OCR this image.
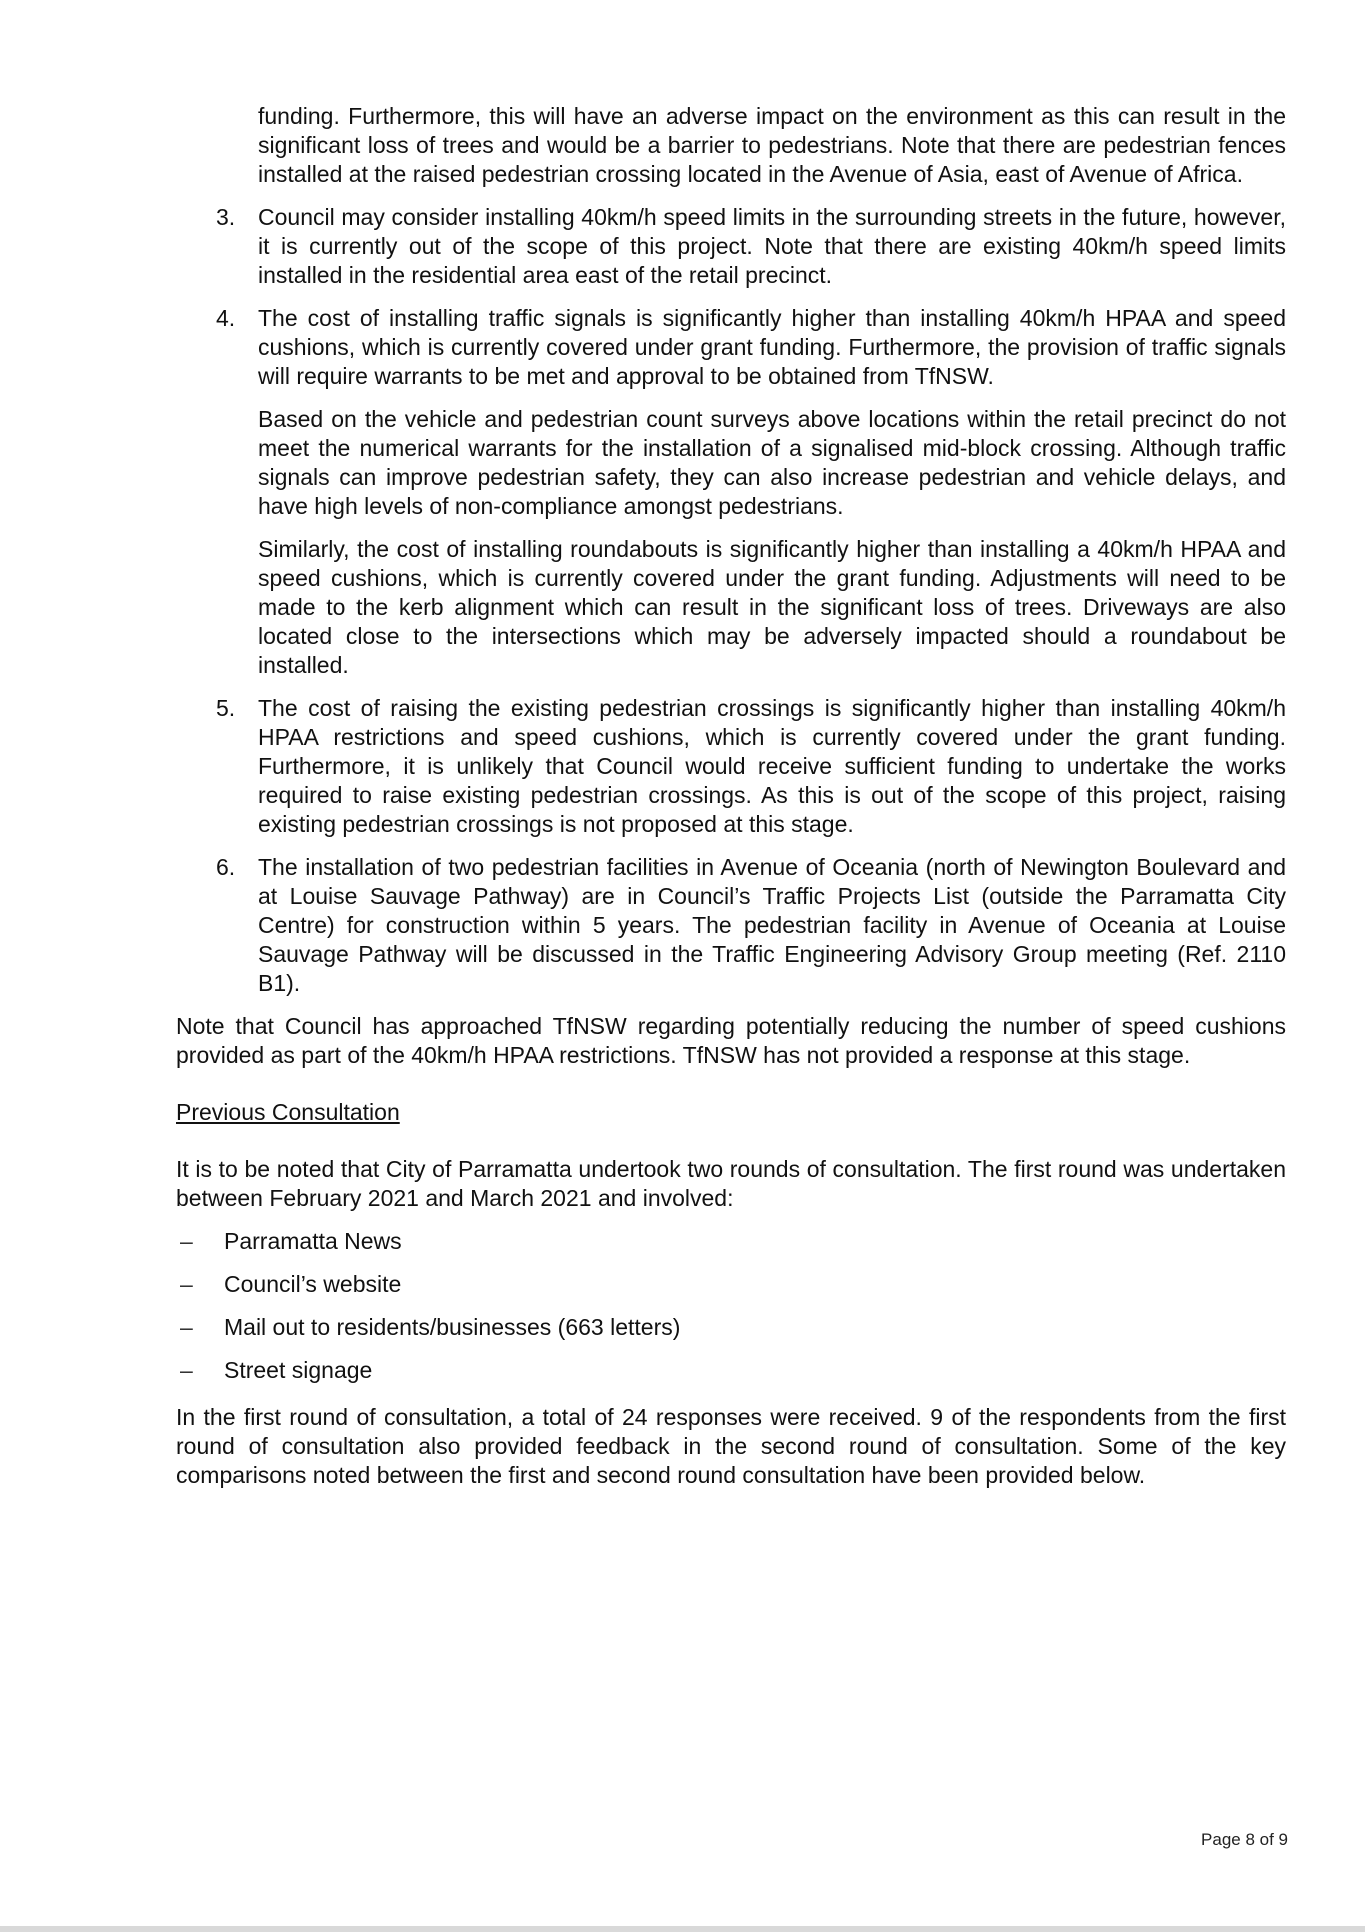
funding. Furthermore, this will have an adverse impact on the environment as this can result in the significant loss of trees and would be a barrier to pedestrians. Note that there are pedestrian fences installed at the raised pedestrian crossing located in the Avenue of Asia, east of Avenue of Africa.

3. Council may consider installing 40km/h speed limits in the surrounding streets in the future, however, it is currently out of the scope of this project. Note that there are existing 40km/h speed limits installed in the residential area east of the retail precinct.

4. The cost of installing traffic signals is significantly higher than installing 40km/h HPAA and speed cushions, which is currently covered under grant funding. Furthermore, the provision of traffic signals will require warrants to be met and approval to be obtained from TfNSW.

Based on the vehicle and pedestrian count surveys above locations within the retail precinct do not meet the numerical warrants for the installation of a signalised mid-block crossing. Although traffic signals can improve pedestrian safety, they can also increase pedestrian and vehicle delays, and have high levels of non-compliance amongst pedestrians.

Similarly, the cost of installing roundabouts is significantly higher than installing a 40km/h HPAA and speed cushions, which is currently covered under the grant funding. Adjustments will need to be made to the kerb alignment which can result in the significant loss of trees. Driveways are also located close to the intersections which may be adversely impacted should a roundabout be installed.

5. The cost of raising the existing pedestrian crossings is significantly higher than installing 40km/h HPAA restrictions and speed cushions, which is currently covered under the grant funding. Furthermore, it is unlikely that Council would receive sufficient funding to undertake the works required to raise existing pedestrian crossings. As this is out of the scope of this project, raising existing pedestrian crossings is not proposed at this stage.

6. The installation of two pedestrian facilities in Avenue of Oceania (north of Newington Boulevard and at Louise Sauvage Pathway) are in Council’s Traffic Projects List (outside the Parramatta City Centre) for construction within 5 years. The pedestrian facility in Avenue of Oceania at Louise Sauvage Pathway will be discussed in the Traffic Engineering Advisory Group meeting (Ref. 2110 B1).

Note that Council has approached TfNSW regarding potentially reducing the number of speed cushions provided as part of the 40km/h HPAA restrictions. TfNSW has not provided a response at this stage.

Previous Consultation

It is to be noted that City of Parramatta undertook two rounds of consultation. The first round was undertaken between February 2021 and March 2021 and involved:

– Parramatta News
– Council’s website
– Mail out to residents/businesses (663 letters)
– Street signage

In the first round of consultation, a total of 24 responses were received. 9 of the respondents from the first round of consultation also provided feedback in the second round of consultation. Some of the key comparisons noted between the first and second round consultation have been provided below.

Page 8 of 9
